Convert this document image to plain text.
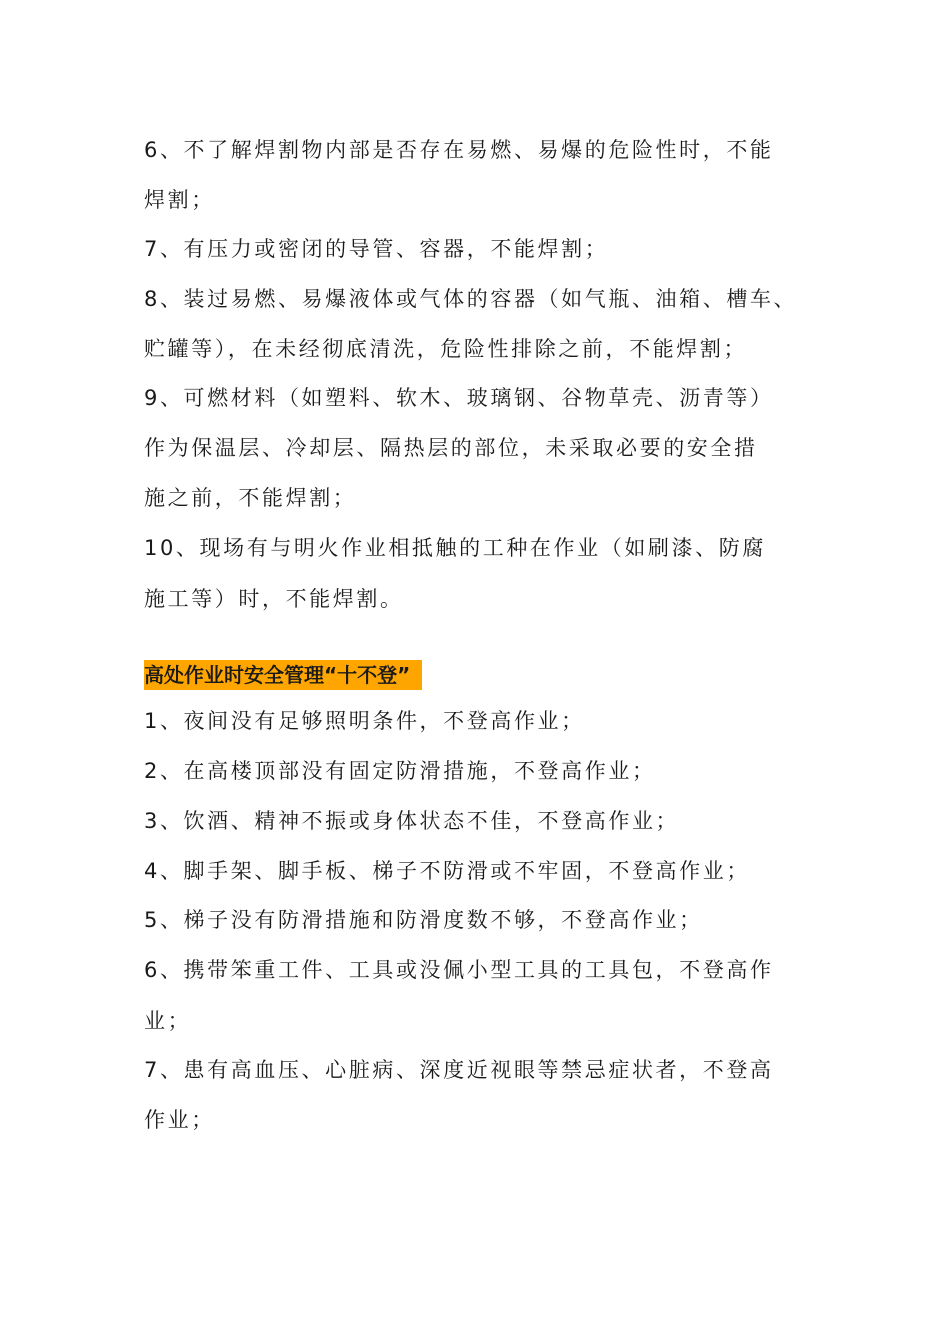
6、不了解焊割物内部是否存在易燃、易爆的危险性时，不能
焊割；
7、有压力或密闭的导管、容器，不能焊割；
8、装过易燃、易爆液体或气体的容器（如气瓶、油箱、槽车、
贮罐等），在未经彻底清洗，危险性排除之前，不能焊割；
9、可燃材料（如塑料、软木、玻璃钢、谷物草壳、沥青等）
作为保温层、冷却层、隔热层的部位，未采取必要的安全措
施之前，不能焊割；
10、现场有与明火作业相抵触的工种在作业（如刷漆、防腐
施工等）时，不能焊割。
高处作业时安全管理“十不登”
1、夜间没有足够照明条件，不登高作业；
2、在高楼顶部没有固定防滑措施，不登高作业；
3、饮酒、精神不振或身体状态不佳，不登高作业；
4、脚手架、脚手板、梯子不防滑或不牢固，不登高作业；
5、梯子没有防滑措施和防滑度数不够，不登高作业；
6、携带笨重工件、工具或没佩小型工具的工具包，不登高作
业；
7、患有高血压、心脏病、深度近视眼等禁忌症状者，不登高
作业；
